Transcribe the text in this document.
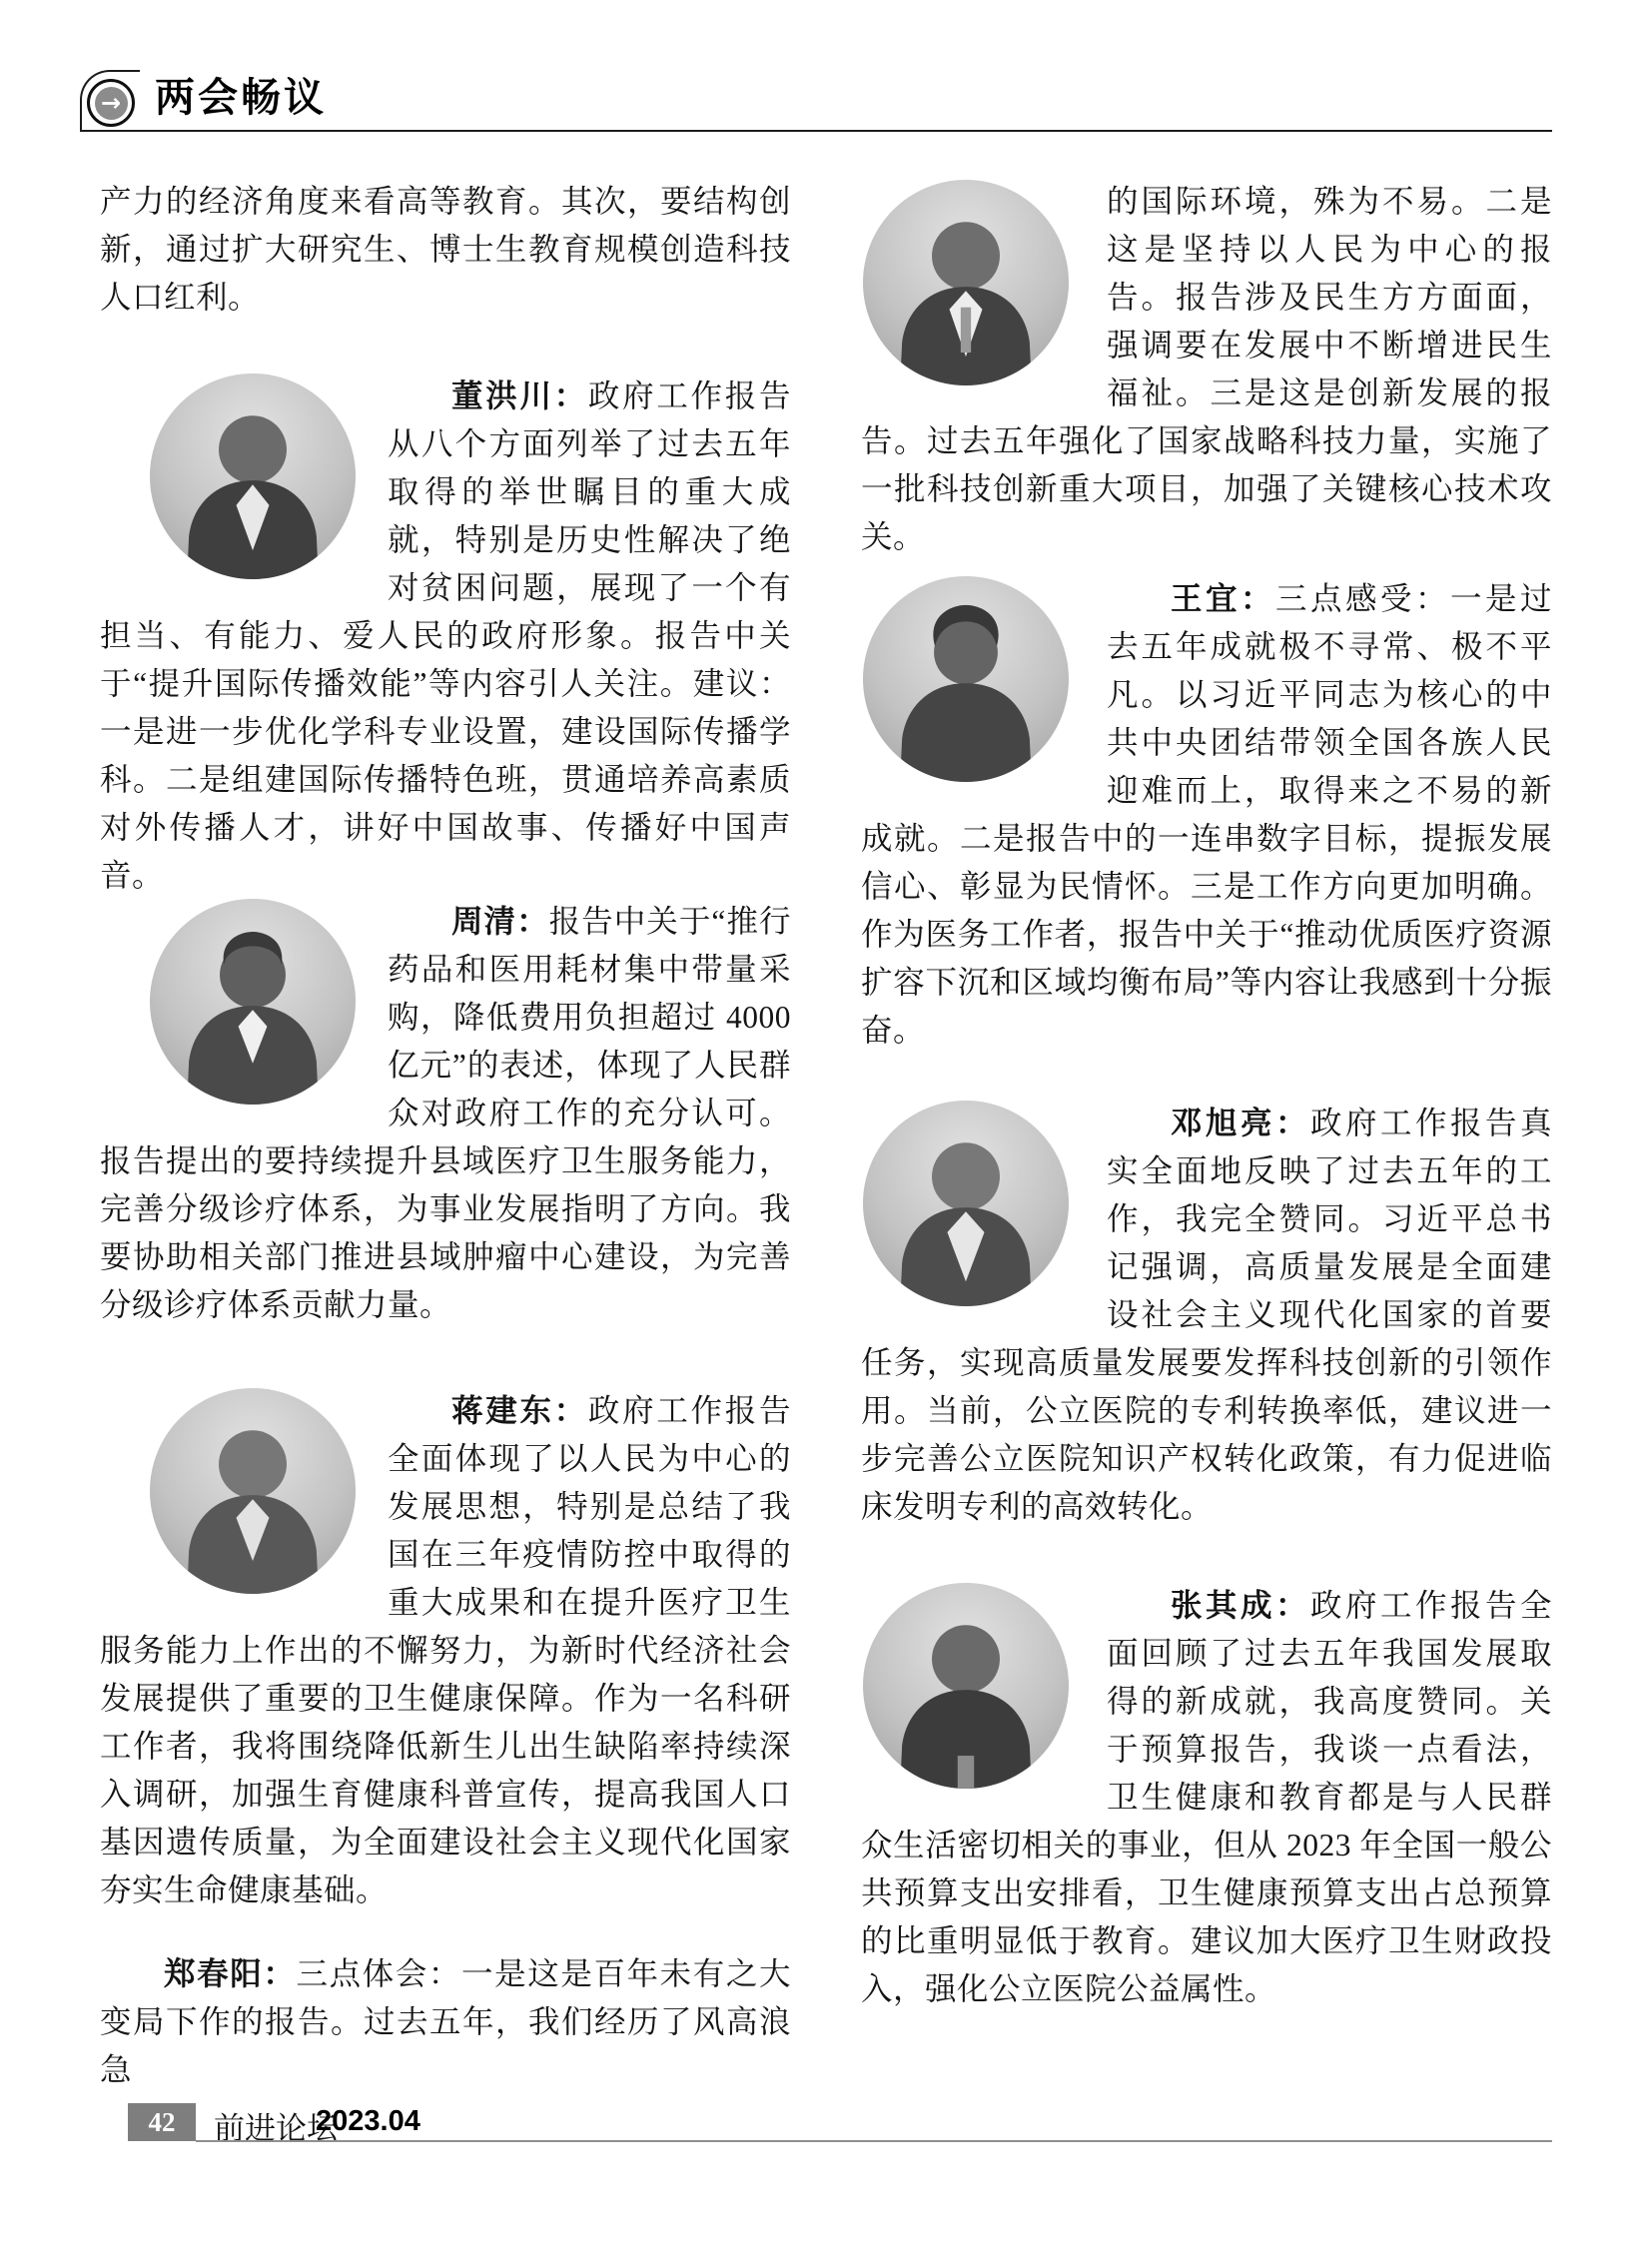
→ 两会畅议

产力的经济角度来看高等教育。其次，要结构创新，通过扩大研究生、博士生教育规模创造科技人口红利。

董洪川：政府工作报告从八个方面列举了过去五年取得的举世瞩目的重大成就，特别是历史性解决了绝对贫困问题，展现了一个有担当、有能力、爱人民的政府形象。报告中关于“提升国际传播效能”等内容引人关注。建议：一是进一步优化学科专业设置，建设国际传播学科。二是组建国际传播特色班，贯通培养高素质对外传播人才，讲好中国故事、传播好中国声音。

周清：报告中关于“推行药品和医用耗材集中带量采购，降低费用负担超过 4000 亿元”的表述，体现了人民群众对政府工作的充分认可。报告提出的要持续提升县域医疗卫生服务能力，完善分级诊疗体系，为事业发展指明了方向。我要协助相关部门推进县域肿瘤中心建设，为完善分级诊疗体系贡献力量。

蒋建东：政府工作报告全面体现了以人民为中心的发展思想，特别是总结了我国在三年疫情防控中取得的重大成果和在提升医疗卫生服务能力上作出的不懈努力，为新时代经济社会发展提供了重要的卫生健康保障。作为一名科研工作者，我将围绕降低新生儿出生缺陷率持续深入调研，加强生育健康科普宣传，提高我国人口基因遗传质量，为全面建设社会主义现代化国家夯实生命健康基础。

郑春阳：三点体会：一是这是百年未有之大变局下作的报告。过去五年，我们经历了风高浪急

的国际环境，殊为不易。二是这是坚持以人民为中心的报告。报告涉及民生方方面面，强调要在发展中不断增进民生福祉。三是这是创新发展的报告。过去五年强化了国家战略科技力量，实施了一批科技创新重大项目，加强了关键核心技术攻关。

王宜：三点感受：一是过去五年成就极不寻常、极不平凡。以习近平同志为核心的中共中央团结带领全国各族人民迎难而上，取得来之不易的新成就。二是报告中的一连串数字目标，提振发展信心、彰显为民情怀。三是工作方向更加明确。作为医务工作者，报告中关于“推动优质医疗资源扩容下沉和区域均衡布局”等内容让我感到十分振奋。

邓旭亮：政府工作报告真实全面地反映了过去五年的工作，我完全赞同。习近平总书记强调，高质量发展是全面建设社会主义现代化国家的首要任务，实现高质量发展要发挥科技创新的引领作用。当前，公立医院的专利转换率低，建议进一步完善公立医院知识产权转化政策，有力促进临床发明专利的高效转化。

张其成：政府工作报告全面回顾了过去五年我国发展取得的新成就，我高度赞同。关于预算报告，我谈一点看法，卫生健康和教育都是与人民群众生活密切相关的事业，但从 2023 年全国一般公共预算支出安排看，卫生健康预算支出占总预算的比重明显低于教育。建议加大医疗卫生财政投入，强化公立医院公益属性。

42	前进论坛

2023.04
